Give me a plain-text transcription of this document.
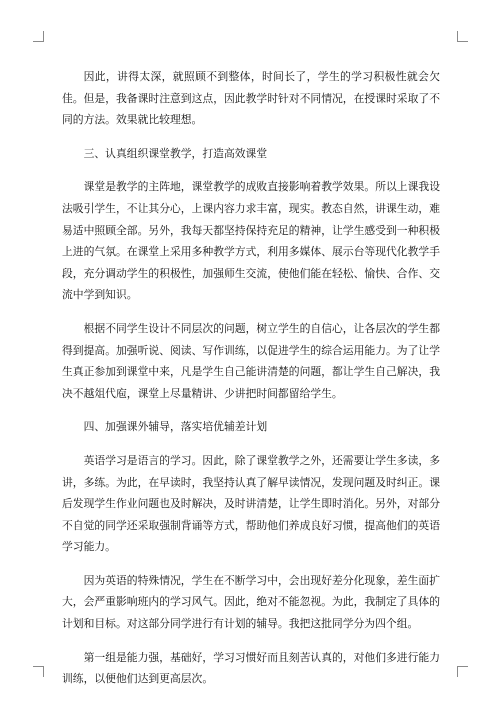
因此，讲得太深，就照顾不到整体，时间长了，学生的学习积极性就会欠佳。但是，我备课时注意到这点，因此教学时针对不同情况，在授课时采取了不同的方法。效果就比较理想。

三、认真组织课堂教学，打造高效课堂

课堂是教学的主阵地，课堂教学的成败直接影响着教学效果。所以上课我设法吸引学生，不让其分心，上课内容力求丰富，现实。教态自然，讲课生动，难易适中照顾全部。另外，我每天都坚持保持充足的精神，让学生感受到一种积极上进的气氛。在课堂上采用多种教学方式，利用多媒体、展示台等现代化教学手段，充分调动学生的积极性，加强师生交流，使他们能在轻松、愉快、合作、交流中学到知识。

根据不同学生设计不同层次的问题，树立学生的自信心，让各层次的学生都得到提高。加强听说、阅读、写作训练，以促进学生的综合运用能力。为了让学生真正参加到课堂中来，凡是学生自己能讲清楚的问题，都让学生自己解决，我决不越俎代庖，课堂上尽量精讲、少讲把时间都留给学生。

四、加强课外辅导，落实培优辅差计划

英语学习是语言的学习。因此，除了课堂教学之外，还需要让学生多读，多讲，多练。为此，在早读时，我坚持认真了解早读情况，发现问题及时纠正。课后发现学生作业问题也及时解决，及时讲清楚，让学生即时消化。另外，对部分不自觉的同学还采取强制背诵等方式，帮助他们养成良好习惯，提高他们的英语学习能力。

因为英语的特殊情况，学生在不断学习中，会出现好差分化现象，差生面扩大，会严重影响班内的学习风气。因此，绝对不能忽视。为此，我制定了具体的计划和目标。对这部分同学进行有计划的辅导。我把这批同学分为四个组。

第一组是能力强，基础好，学习习惯好而且刻苦认真的，对他们多进行能力训练，以便他们达到更高层次。
